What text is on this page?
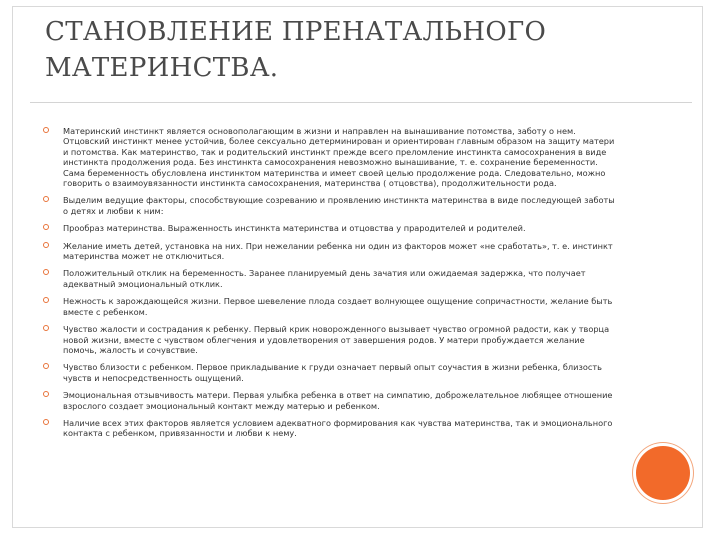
СТАНОВЛЕНИЕ ПРЕНАТАЛЬНОГО
МАТЕРИНСТВА.
Материнский инстинкт является основополагающим в жизни и направлен на вынашивание потомства, заботу о нем. Отцовский инстинкт менее устойчив, более сексуально детерминирован и ориентирован главным образом на защиту матери и потомства. Как материнство, так и родительский инстинкт прежде всего преломление инстинкта самосохранения в виде инстинкта продолжения рода. Без инстинкта самосохранения невозможно вынашивание, т. е. сохранение беременности. Сама беременность обусловлена инстинктом материнства и имеет своей целью продолжение рода. Следовательно, можно говорить о взаимоувязанности инстинкта самосохранения, материнства ( отцовства), продолжительности рода.
Выделим ведущие факторы, способствующие созреванию и проявлению инстинкта материнства в виде последующей заботы о детях и любви к ним:
Прообраз материнства. Выраженность инстинкта материнства и отцовства у прародителей и родителей.
Желание иметь детей, установка на них. При нежелании ребенка ни один из факторов может «не сработать», т. е. инстинкт материнства может не отключиться.
Положительный отклик на беременность. Заранее планируемый день зачатия или ожидаемая задержка, что получает адекватный эмоциональный отклик.
Нежность к зарождающейся жизни. Первое шевеление плода создает волнующее ощущение сопричастности, желание быть вместе с ребенком.
Чувство жалости и сострадания к ребенку. Первый крик новорожденного вызывает чувство огромной радости, как у творца новой жизни, вместе с чувством облегчения и удовлетворения от завершения родов. У матери пробуждается желание помочь, жалость и сочувствие.
Чувство близости с ребенком. Первое прикладывание к груди означает первый опыт соучастия в жизни ребенка, близость чувств и непосредственность ощущений.
Эмоциональная отзывчивость матери. Первая улыбка ребенка в ответ на симпатию, доброжелательное любящее отношение взрослого создает эмоциональный контакт между матерью и ребенком.
Наличие всех этих факторов является условием адекватного формирования как чувства материнства, так и эмоционального контакта с ребенком, привязанности и любви к нему.
